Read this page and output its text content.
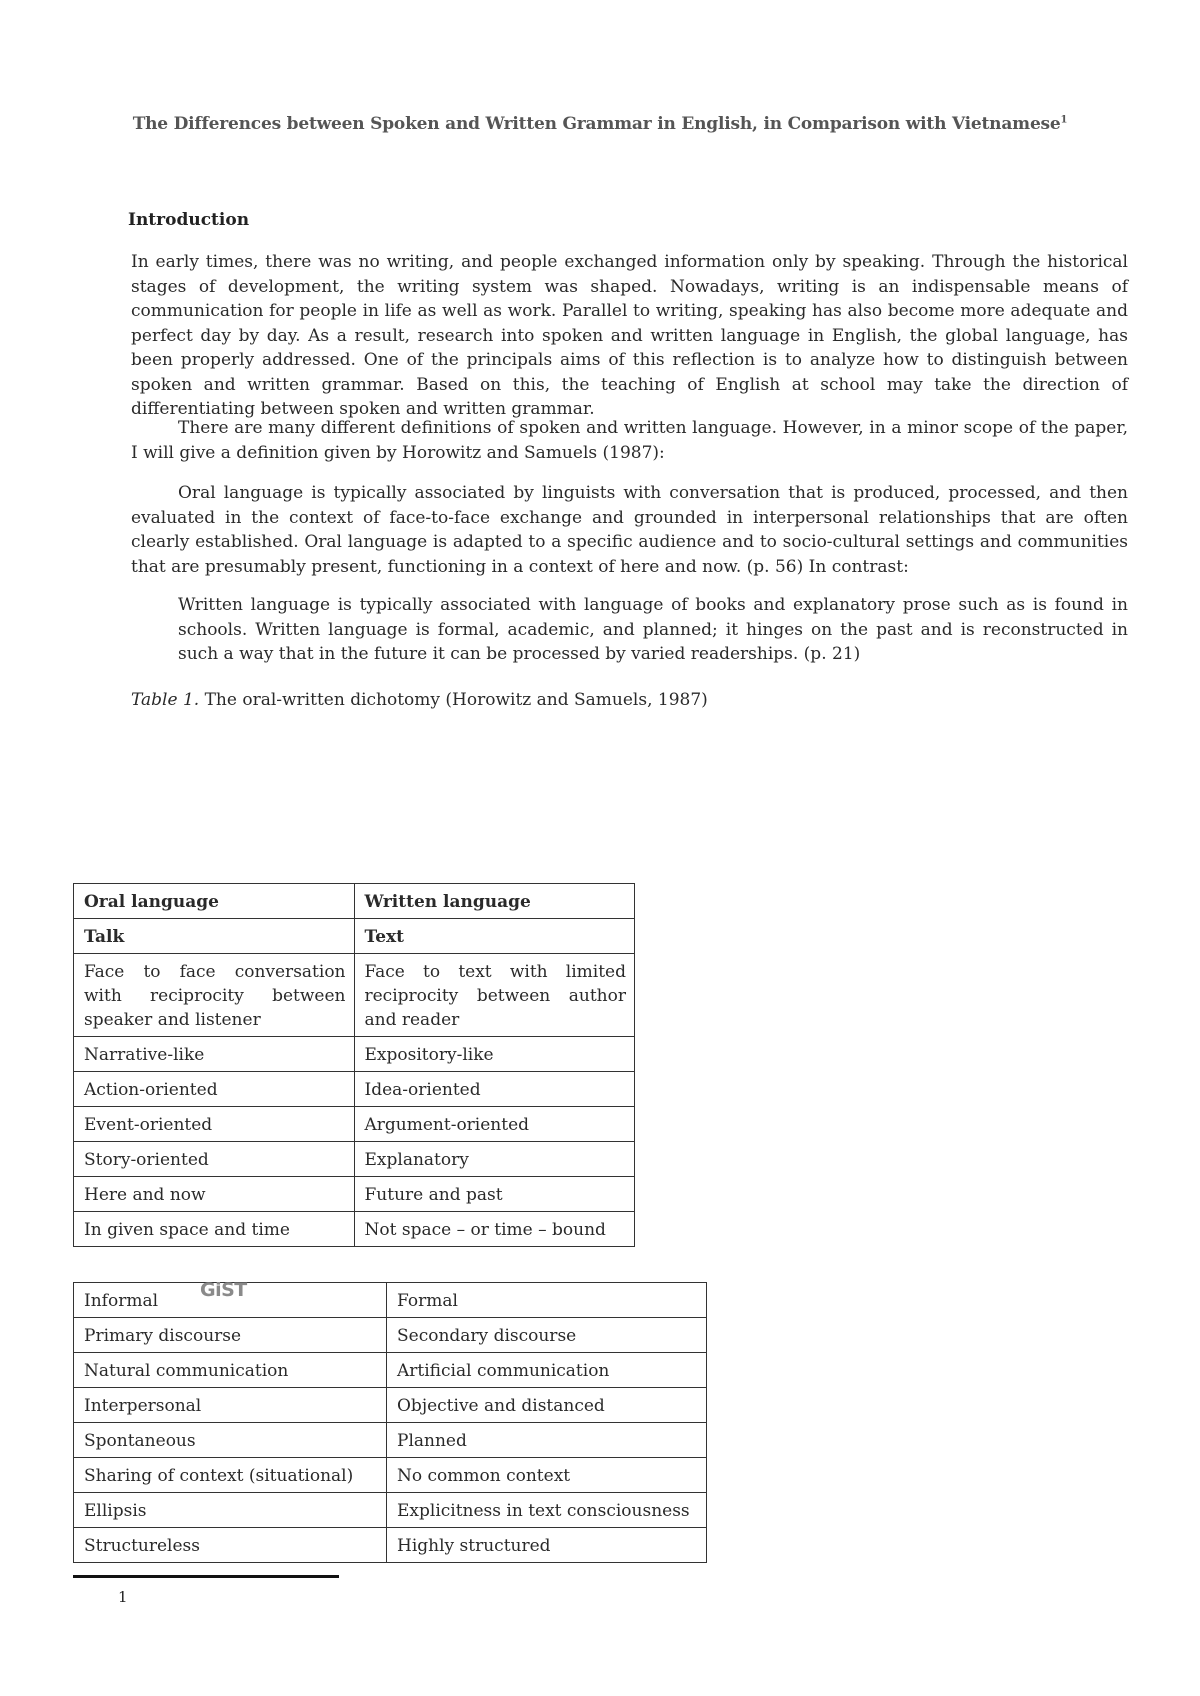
The Differences between Spoken and Written Grammar in English, in Comparison with Vietnamese$^1$
Introduction

In early times, there was no writing, and people exchanged information only by speaking. Through the historical stages of development, the writing system was shaped. Nowadays, writing is an indispensable means of communication for people in life as well as work. Parallel to writing, speaking has also become more adequate and perfect day by day. As a result, research into spoken and written language in English, the global language, has been properly addressed. One of the principals aims of this reflection is to analyze how to distinguish between spoken and written grammar. Based on this, the teaching of English at school may take the direction of differentiating between spoken and written grammar.

There are many different definitions of spoken and written language. However, in a minor scope of the paper, I will give a definition given by Horowitz and Samuels (1987):

Oral language is typically associated by linguists with conversation that is produced, processed, and then evaluated in the context of face-to-face exchange and grounded in interpersonal relationships that are often clearly established. Oral language is adapted to a specific audience and to socio-cultural settings and communities that are presumably present, functioning in a context of here and now. (p. 56) In contrast:

Written language is typically associated with language of books and explanatory prose such as is found in schools. Written language is formal, academic, and planned; it hinges on the past and is reconstructed in such a way that in the future it can be processed by varied readerships. (p. 21)

Table 1. The oral-written dichotomy (Horowitz and Samuels, 1987)
Oral language	Written language
Talk	Text
Face to face conversation with reciprocity between speaker and listener	Face to text with limited reciprocity between author and reader
Narrative-like	Expository-like
Action-oriented	Idea-oriented
Event-oriented	Argument-oriented
Story-oriented	Explanatory
Here and now	Future and past
In given space and time	Not space – or time – bound
Informal	Formal
Primary discourse	Secondary discourse
Natural communication	Artificial communication
Interpersonal	Objective and distanced
Spontaneous	Planned
Sharing of context (situational)	No common context
Ellipsis	Explicitness in text consciousness
Structureless	Highly structured
GiST
1
